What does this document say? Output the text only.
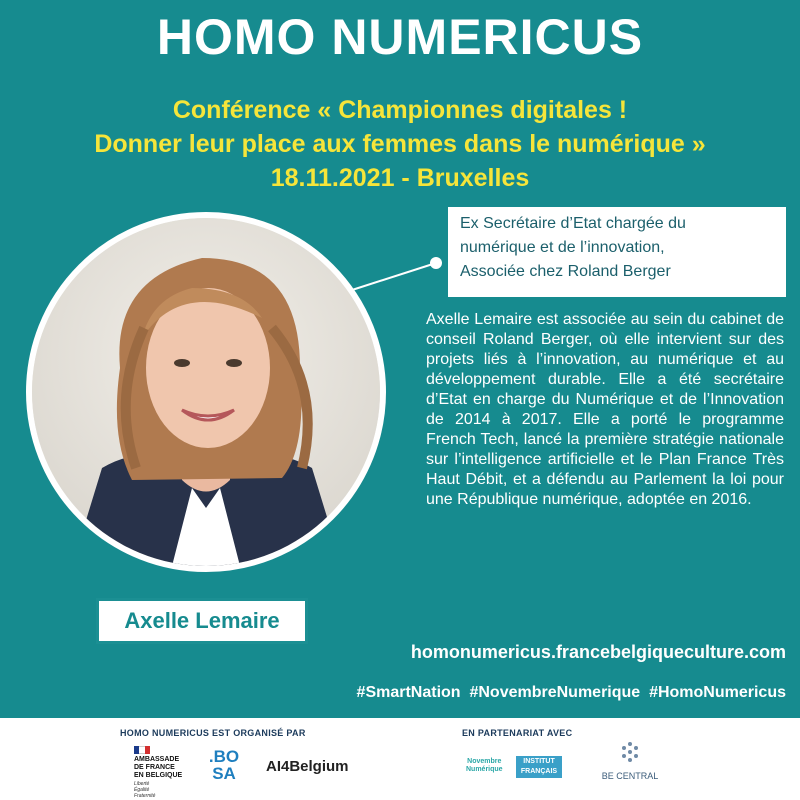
HOMO NUMERICUS
Conférence « Championnes digitales !
Donner leur place aux femmes dans le numérique »
18.11.2021 - Bruxelles
Axelle Lemaire
Ex Secrétaire d’Etat chargée du
numérique et de l’innovation,
Associée chez Roland Berger
Axelle Lemaire est associée au sein du cabinet de conseil Roland Berger, où elle intervient sur des projets liés à l’innovation, au numérique et au développement durable. Elle a été secrétaire d’Etat en charge du Numérique et de l’Innovation de 2014 à 2017. Elle a porté le programme French Tech, lancé la première stratégie nationale sur l’intelligence artificielle et le Plan France Très Haut Débit, et a défendu au Parlement la loi pour une République numérique, adoptée en 2016.
homonumericus.francebelgiqueculture.com
#SmartNation  #NovembreNumerique  #HomoNumericus
HOMO NUMERICUS EST ORGANISÉ PAR	EN PARTENARIAT AVEC
AMBASSADE
DE FRANCE
EN BELGIQUE
Liberté
Égalité
Fraternité
.BO
SA	AI4Belgium	Novembre
Numérique
INSTITUT
FRANÇAIS	BE CENTRAL
